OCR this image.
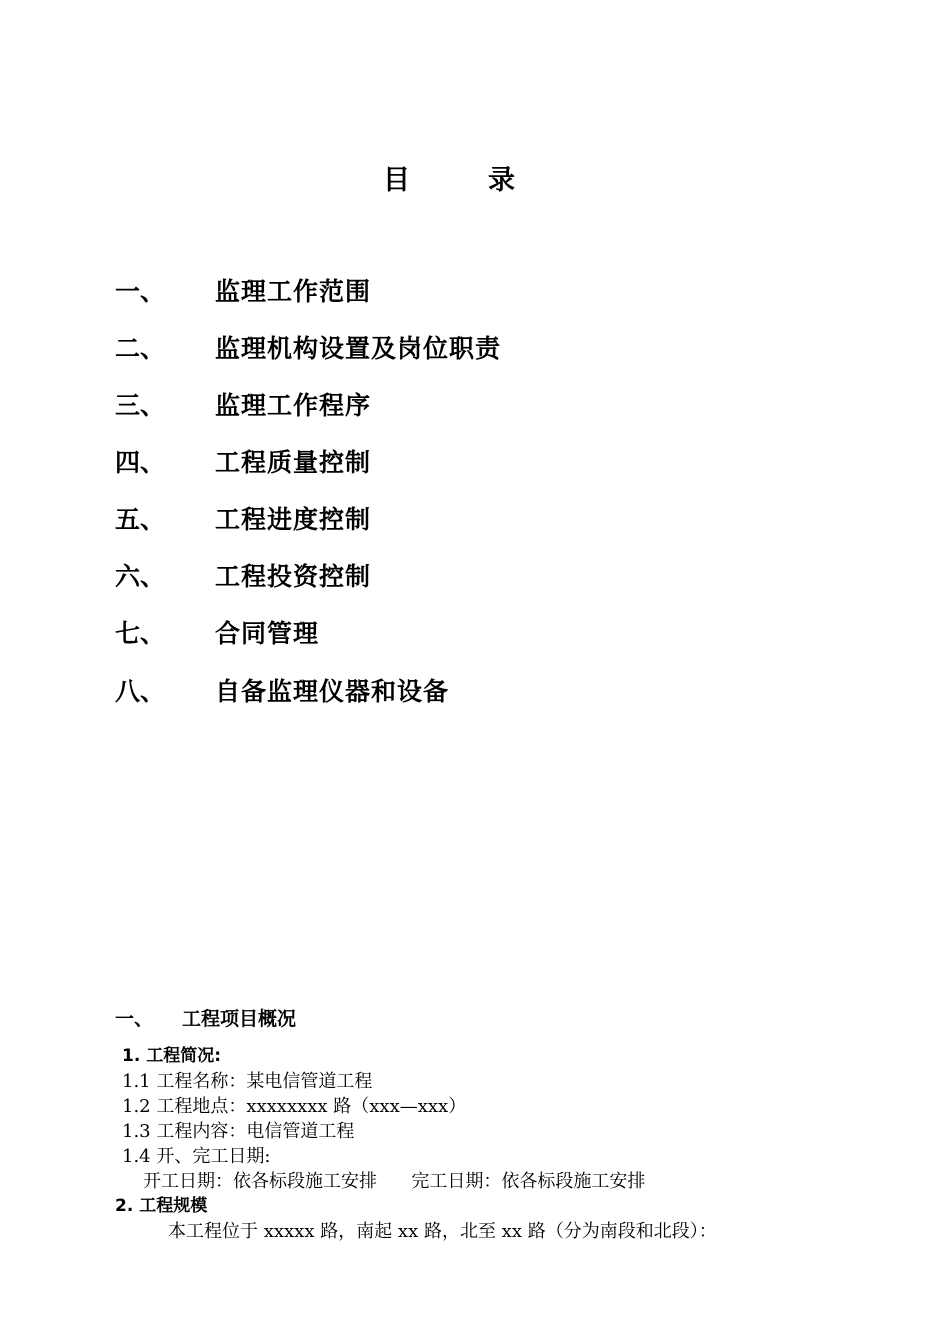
目	录
一、 监理工作范围
二、 监理机构设置及岗位职责
三、 监理工作程序
四、 工程质量控制
五、 工程进度控制
六、 工程投资控制
七、 合同管理
八、 自备监理仪器和设备
一、 工程项目概况
1. 工程简况:
1.1 工程名称：某电信管道工程
1.2 工程地点：xxxxxxxx 路（xxx—xxx）
1.3 工程内容：电信管道工程
1.4 开、完工日期:
开工日期：依各标段施工安排      完工日期：依各标段施工安排
2. 工程规模
本工程位于 xxxxx 路，南起 xx 路，北至 xx 路（分为南段和北段）：
